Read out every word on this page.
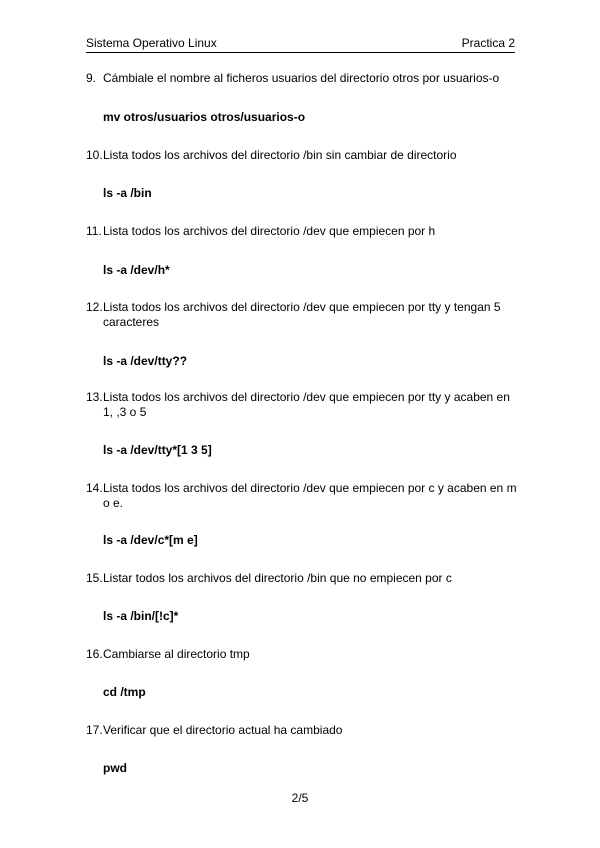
Sistema Operativo Linux	Practica 2
9. Cámbiale el nombre al ficheros usuarios del directorio otros por usuarios-o
mv otros/usuarios otros/usuarios-o
10. Lista todos los archivos del directorio /bin sin cambiar de directorio
ls -a /bin
11. Lista todos los archivos del directorio /dev que empiecen por h
ls -a /dev/h*
12. Lista todos los archivos del directorio /dev que empiecen por tty y tengan 5 caracteres
ls -a /dev/tty??
13. Lista todos los archivos del directorio /dev que empiecen por tty y acaben en 1, ,3 o 5
ls -a /dev/tty*[1 3 5]
14. Lista todos los archivos del directorio /dev que empiecen por c y acaben en m o e.
ls -a /dev/c*[m e]
15. Listar todos los archivos del directorio /bin que no empiecen por c
ls -a /bin/[!c]*
16. Cambiarse al directorio tmp
cd /tmp
17. Verificar que el directorio actual ha cambiado
pwd
2/5
